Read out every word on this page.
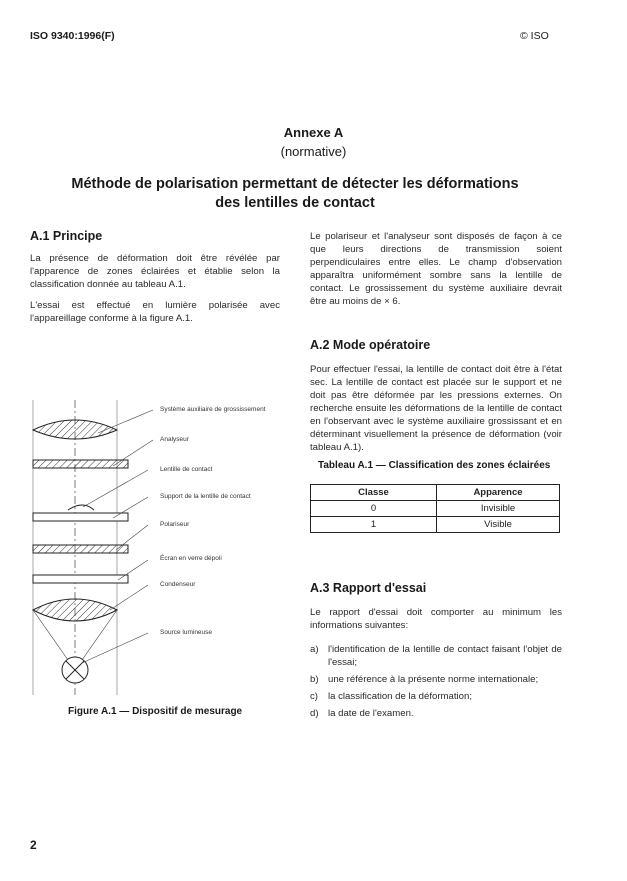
ISO 9340:1996(F)	© ISO
Annexe A
(normative)
Méthode de polarisation permettant de détecter les déformations
des lentilles de contact
A.1 Principe

La présence de déformation doit être révélée par l'apparence de zones éclairées et établie selon la classification donnée au tableau A.1.

L'essai est effectué en lumière polarisée avec l'appareillage conforme à la figure A.1.

Système auxiliaire de grossissement
Analyseur
Lentille de contact
Support de la lentille de contact
Polariseur
Écran en verre dépoli
Condenseur
Source lumineuse
Figure A.1 — Dispositif de mesurage
Le polariseur et l'analyseur sont disposés de façon à ce que leurs directions de transmission soient perpendiculaires entre elles. Le champ d'observation apparaîtra uniformément sombre sans la lentille de contact. Le grossissement du système auxiliaire devrait être au moins de × 6.
A.2 Mode opératoire
Pour effectuer l'essai, la lentille de contact doit être à l'état sec. La lentille de contact est placée sur le support et ne doit pas être déformée par les pressions externes. On recherche ensuite les déformations de la lentille de contact en l'observant avec le système auxiliaire grossissant et en déterminant visuellement la présence de déformation (voir tableau A.1).
Tableau A.1 — Classification des zones éclairées
Classe	Apparence
0	Invisible
1	Visible
A.3 Rapport d'essai
Le rapport d'essai doit comporter au minimum les informations suivantes:
a) l'identification de la lentille de contact faisant l'objet de l'essai;
b) une référence à la présente norme internationale;
c) la classification de la déformation;
d) la date de l'examen.
2
